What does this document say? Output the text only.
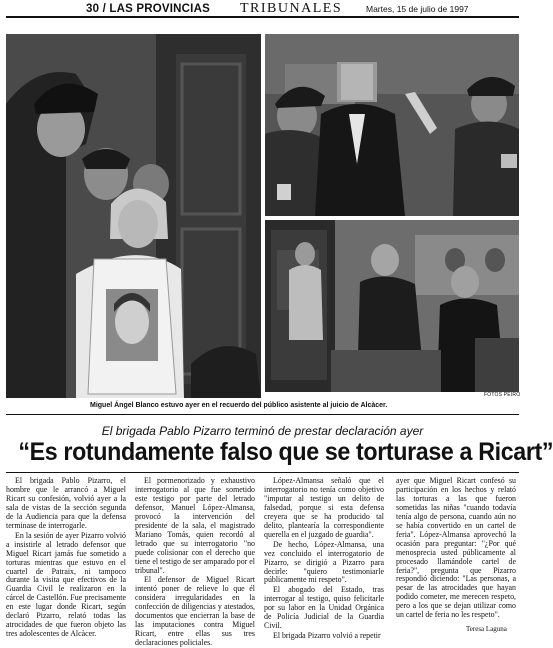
30 / LAS PROVINCIAS TRIBUNALES	Martes, 15 de julio de 1997
FOTOS PEIRO
Miguel Ángel Blanco estuvo ayer en el recuerdo del público asistente al juicio de Alcàcer.
El brigada Pablo Pizarro terminó de prestar declaración ayer
“Es rotundamente falso que se torturase a Ricart”

El brigada Pablo Pizarro, el hombre que le arrancó a Miguel Ricart su confesión, volvió ayer a la sala de vistas de la sección segunda de la Audiencia para que la defensa terminase de interrogarle.

En la sesión de ayer Pizarro volvió a insistirle al letrado defensor que Miguel Ricart jamás fue sometido a torturas mientras que estuvo en el cuartel de Patraix, ni tampoco durante la visita que efectivos de la Guardia Civil le realizaron en la cárcel de Castellón. Fue precisamente en este lugar donde Ricart, según declaró Pizarro, relató todas las atrocidades de que fueron objeto las tres adolescentes de Alcàcer.

El pormenorizado y exhaustivo interrogatorio al que fue sometido este testigo por parte del letrado defensor, Manuel López-Almansa, provocó la intervención del presidente de la sala, el magistrado Mariano Tomás, quien recordó al letrado que su interrogatorio "no puede colisionar con el derecho que tiene el testigo de ser amparado por el tribunal".

El defensor de Miguel Ricart intentó poner de relieve lo que él considera irregularidades en la confección de diligencias y atestados, documentos que encierran la base de las imputaciones contra Miguel Ricart, entre ellas sus tres declaraciones policiales.

López-Almansa señaló que el interrogatorio no tenía como objetivo "imputar al testigo un delito de falsedad, porque si esta defensa creyera que se ha producido tal delito, plantearía la correspondiente querella en el juzgado de guardia".

De hecho, López-Almansa, una vez concluido el interrogatorio de Pizarro, se dirigió a Pizarro para decirle: "quiero testimoniarle públicamente mi respeto".

El abogado del Estado, tras interrogar al testigo, quiso felicitarle por su labor en la Unidad Orgánica de Policía Judicial de la Guardia Civil.

El brigada Pizarro volvió a repetir

ayer que Miguel Ricart confesó su participación en los hechos y relató las torturas a las que fueron sometidas las niñas "cuando todavía tenía algo de persona, cuando aún no se había convertido en un cartel de feria". López-Almansa aprovechó la ocasión para preguntar: "¿Por qué menosprecia usted públicamente al procesado llamándole cartel de feria?", pregunta que Pizarro respondió diciendo: "Las personas, a pesar de las atrocidades que hayan podido cometer, me merecen respeto, pero a los que se dejan utilizar como un cartel de feria no les respeto".

Teresa Laguna
